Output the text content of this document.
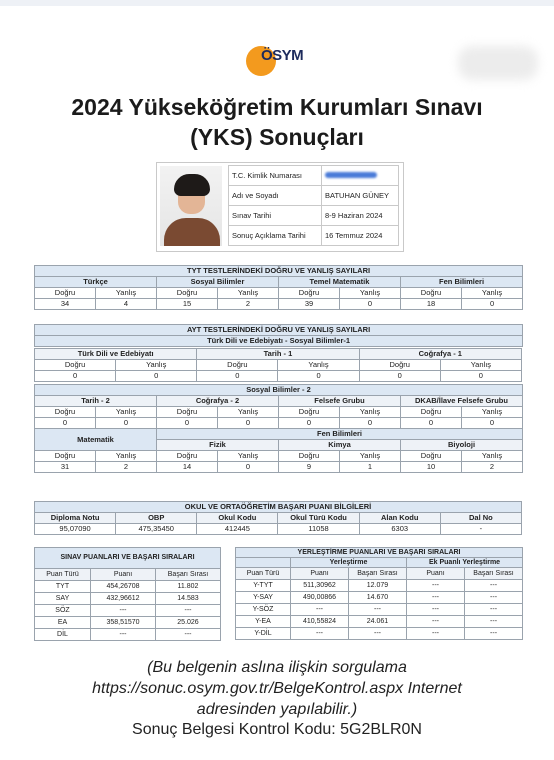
ÖSYM
2024 Yükseköğretim Kurumları Sınavı
(YKS) Sonuçları
T.C. Kimlik Numarası	
Adı ve Soyadı	BATUHAN GÜNEY
Sınav Tarihi	8-9 Haziran 2024
Sonuç Açıklama Tarihi	16 Temmuz 2024
TYT TESTLERİNDEKİ DOĞRU VE YANLIŞ SAYILARI							
Türkçe		Sosyal Bilimler		Temel Matematik		Fen Bilimleri	
Doğru	Yanlış	Doğru	Yanlış	Doğru	Yanlış	Doğru	Yanlış
34	4	15	2	39	0	18	0
AYT TESTLERİNDEKİ DOĞRU VE YANLIŞ SAYILARI
Türk Dili ve Edebiyatı - Sosyal Bilimler-1
Türk Dili ve Edebiyatı		Tarih - 1		Coğrafya - 1	
Doğru	Yanlış	Doğru	Yanlış	Doğru	Yanlış
0	0	0	0	0	0
Sosyal Bilimler - 2							
Tarih - 2		Coğrafya - 2		Felsefe Grubu		DKAB/İlave Felsefe Grubu	
Doğru	Yanlış	Doğru	Yanlış	Doğru	Yanlış	Doğru	Yanlış
0	0	0	0	0	0	0	0
Matematik		Fen Bilimleri					
		Fizik		Kimya		Biyoloji	
Doğru	Yanlış	Doğru	Yanlış	Doğru	Yanlış	Doğru	Yanlış
31	2	14	0	9	1	10	2
OKUL VE ORTAÖĞRETİM BAŞARI PUANI BİLGİLERİ					
Diploma Notu	OBP	Okul Kodu	Okul Türü Kodu	Alan Kodu	Dal No
95,07090	475,35450	412445	11058	6303	-
SINAV PUANLARI VE BAŞARI SIRALARI		
Puan Türü	Puanı	Başarı Sırası
TYT	454,26708	11.802
SAY	432,96612	14.583
SÖZ	---	---
EA	358,51570	25.026
DİL	---	---
YERLEŞTİRME PUANLARI VE BAŞARI SIRALARI				
	Yerleştirme		Ek Puanlı Yerleştirme	
Puan Türü	Puanı	Başarı Sırası	Puanı	Başarı Sırası
Y-TYT	511,30962	12.079	---	---
Y-SAY	490,00866	14.670	---	---
Y-SÖZ	---	---	---	---
Y-EA	410,55824	24.061	---	---
Y-DİL	---	---	---	---
(Bu belgenin aslına ilişkin sorgulama
https://sonuc.osym.gov.tr/BelgeKontrol.aspx Internet
adresinden yapılabilir.)
Sonuç Belgesi Kontrol Kodu: 5G2BLR0N
